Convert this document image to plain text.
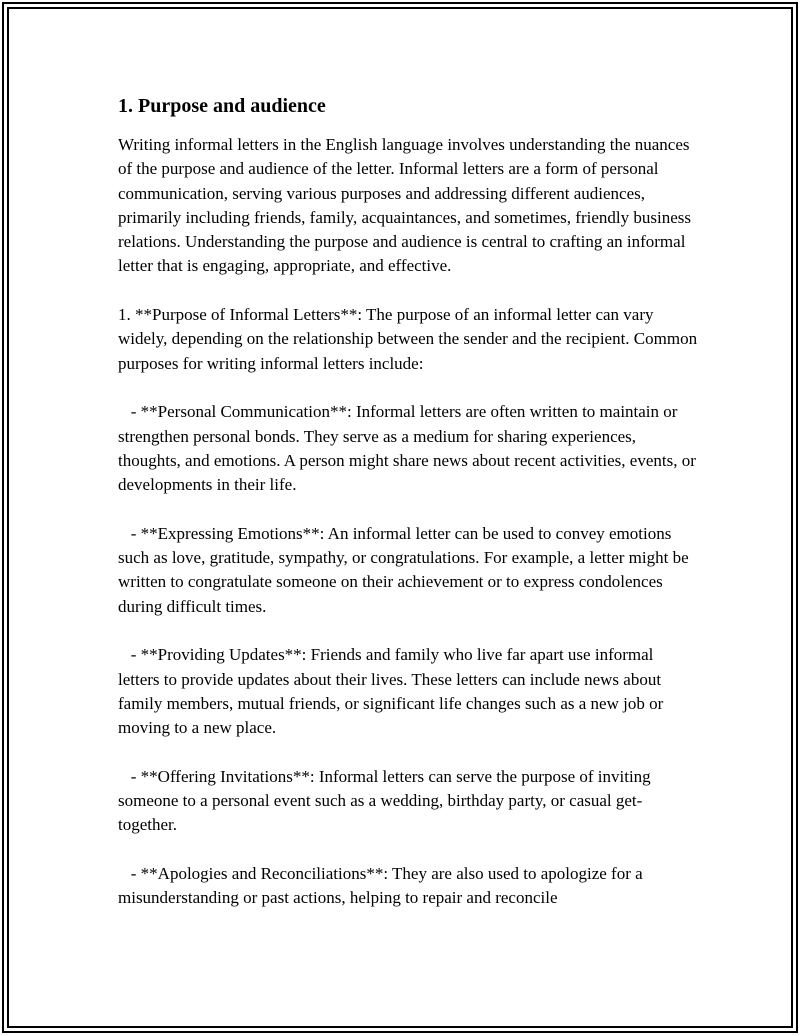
1. Purpose and audience

Writing informal letters in the English language involves understanding the nuances of the purpose and audience of the letter. Informal letters are a form of personal communication, serving various purposes and addressing different audiences, primarily including friends, family, acquaintances, and sometimes, friendly business relations. Understanding the purpose and audience is central to crafting an informal letter that is engaging, appropriate, and effective.

1. **Purpose of Informal Letters**: The purpose of an informal letter can vary widely, depending on the relationship between the sender and the recipient. Common purposes for writing informal letters include:

- **Personal Communication**: Informal letters are often written to maintain or strengthen personal bonds. They serve as a medium for sharing experiences, thoughts, and emotions. A person might share news about recent activities, events, or developments in their life.

- **Expressing Emotions**: An informal letter can be used to convey emotions such as love, gratitude, sympathy, or congratulations. For example, a letter might be written to congratulate someone on their achievement or to express condolences during difficult times.

- **Providing Updates**: Friends and family who live far apart use informal letters to provide updates about their lives. These letters can include news about family members, mutual friends, or significant life changes such as a new job or moving to a new place.

- **Offering Invitations**: Informal letters can serve the purpose of inviting someone to a personal event such as a wedding, birthday party, or casual get-together.

- **Apologies and Reconciliations**: They are also used to apologize for a misunderstanding or past actions, helping to repair and reconcile
